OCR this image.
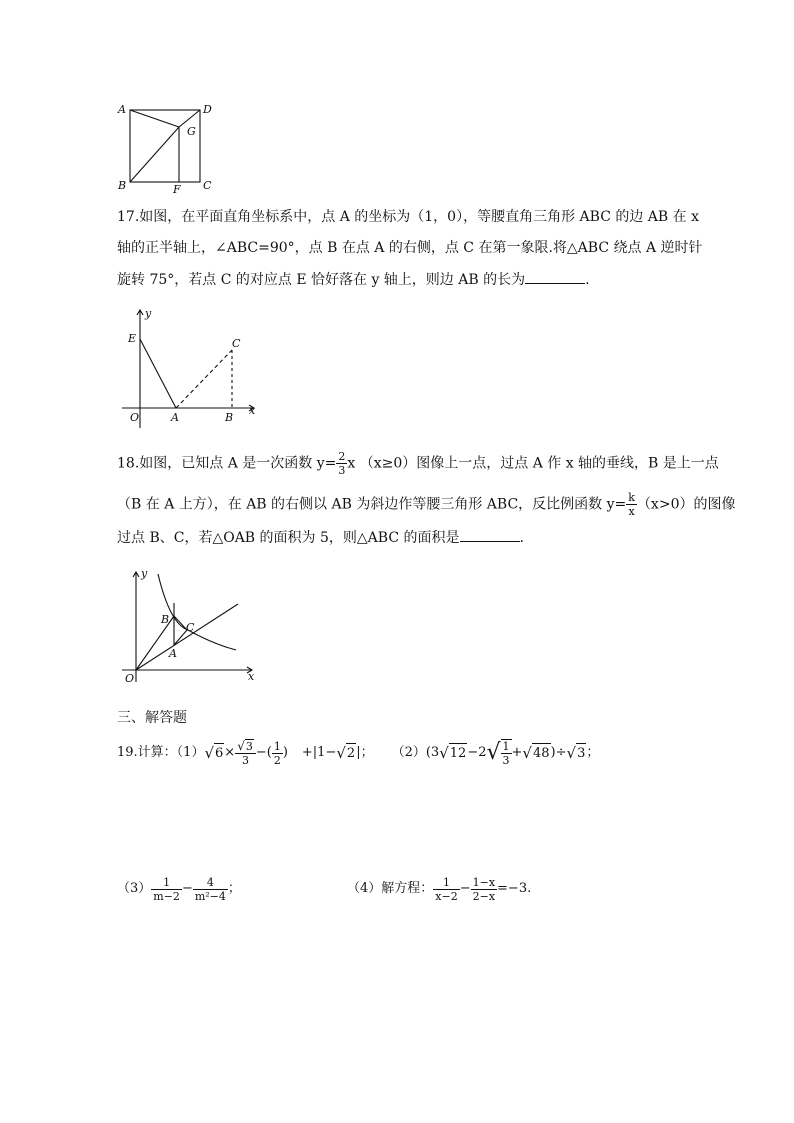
A	D
G
B	F C
17.如图，在平面直角坐标系中，点 A 的坐标为（1，0），等腰直角三角形 ABC 的边 AB 在 x
轴的正半轴上，∠ABC=90°，点 B 在点 A 的右侧，点 C 在第一象限.将△ABC 绕点 A 逆时针
旋转 75°，若点 C 的对应点 E 恰好落在 y 轴上，则边 AB 的长为	.
y
E	C
O	A	B
x
18.如图，已知点 A 是一次函数 $y= \frac{2}{3}$ x （x≥0）图像上一点，过点 A 作 x 轴的垂线，B 是上一点
（B 在 A 上方），在 AB 的右侧以 AB 为斜边作等腰三角形 ABC，反比例函数 $y= \frac{k}{x} (x>0)$的图像
过点 B、C，若△OAB 的面积为 5，则△ABC 的面积是	.
y
B
C
A
O	x
三、解答题
19.计算：（1） √ $6 \times \frac{√3}{3}$ −( $\frac{1}{2}$ ) +|1− √ 2 |； （2）(3 √ 12 −2 √ $\frac{1}{3}$ + √ 48 )÷ √ 3 ；
$(3) \frac{1}{m-2} - \frac{4}{\text{m²−4}}$ ；	（4）解方程： $\frac{1}{x-2} - \frac{1-x}{2-x} =-3$.
